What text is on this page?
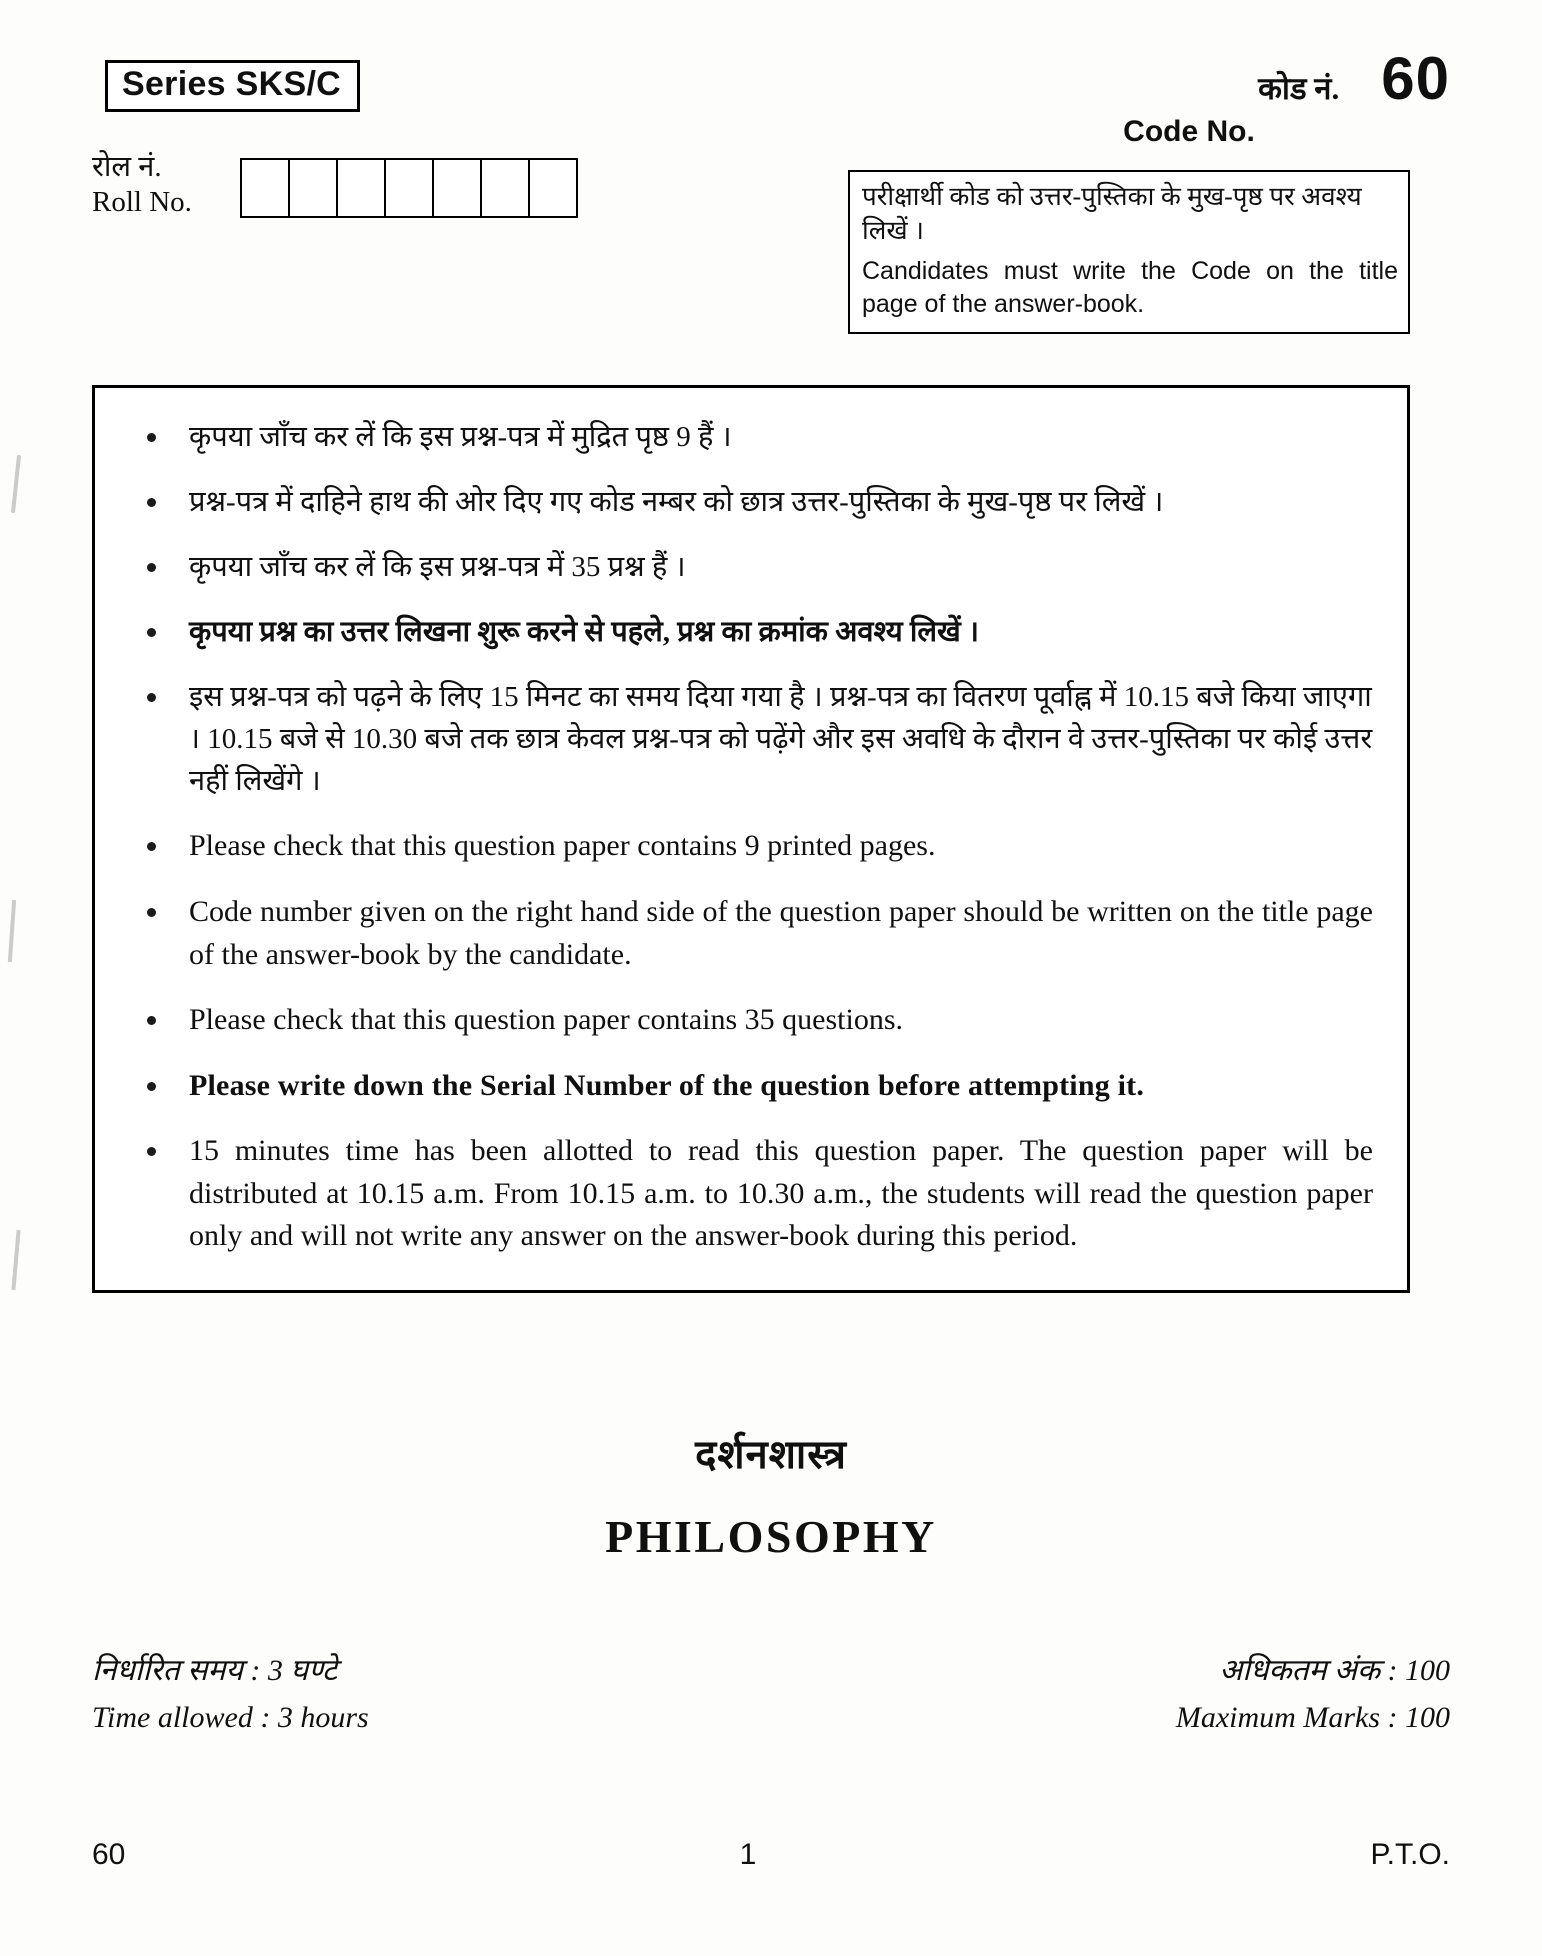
Series SKS/C	कोड नं. 60
Code No.
रोल नं.
Roll No.	परीक्षार्थी कोड को उत्तर-पुस्तिका के मुख-पृष्ठ पर अवश्य लिखें ।
Candidates must write the Code on the title page of the answer-book.
कृपया जाँच कर लें कि इस प्रश्न-पत्र में मुद्रित पृष्ठ 9 हैं ।
प्रश्न-पत्र में दाहिने हाथ की ओर दिए गए कोड नम्बर को छात्र उत्तर-पुस्तिका के मुख-पृष्ठ पर लिखें ।
कृपया जाँच कर लें कि इस प्रश्न-पत्र में 35 प्रश्न हैं ।
कृपया प्रश्न का उत्तर लिखना शुरू करने से पहले, प्रश्न का क्रमांक अवश्य लिखें ।
इस प्रश्न-पत्र को पढ़ने के लिए 15 मिनट का समय दिया गया है । प्रश्न-पत्र का वितरण पूर्वाह्न में 10.15 बजे किया जाएगा । 10.15 बजे से 10.30 बजे तक छात्र केवल प्रश्न-पत्र को पढ़ेंगे और इस अवधि के दौरान वे उत्तर-पुस्तिका पर कोई उत्तर नहीं लिखेंगे ।
Please check that this question paper contains 9 printed pages.
Code number given on the right hand side of the question paper should be written on the title page of the answer-book by the candidate.
Please check that this question paper contains 35 questions.
Please write down the Serial Number of the question before attempting it.
15 minutes time has been allotted to read this question paper. The question paper will be distributed at 10.15 a.m. From 10.15 a.m. to 10.30 a.m., the students will read the question paper only and will not write any answer on the answer-book during this period.
दर्शनशास्त्र
PHILOSOPHY
निर्धारित समय : 3 घण्टे
Time allowed : 3 hours
अधिकतम अंक : 100
Maximum Marks : 100
60	1	P.T.O.
